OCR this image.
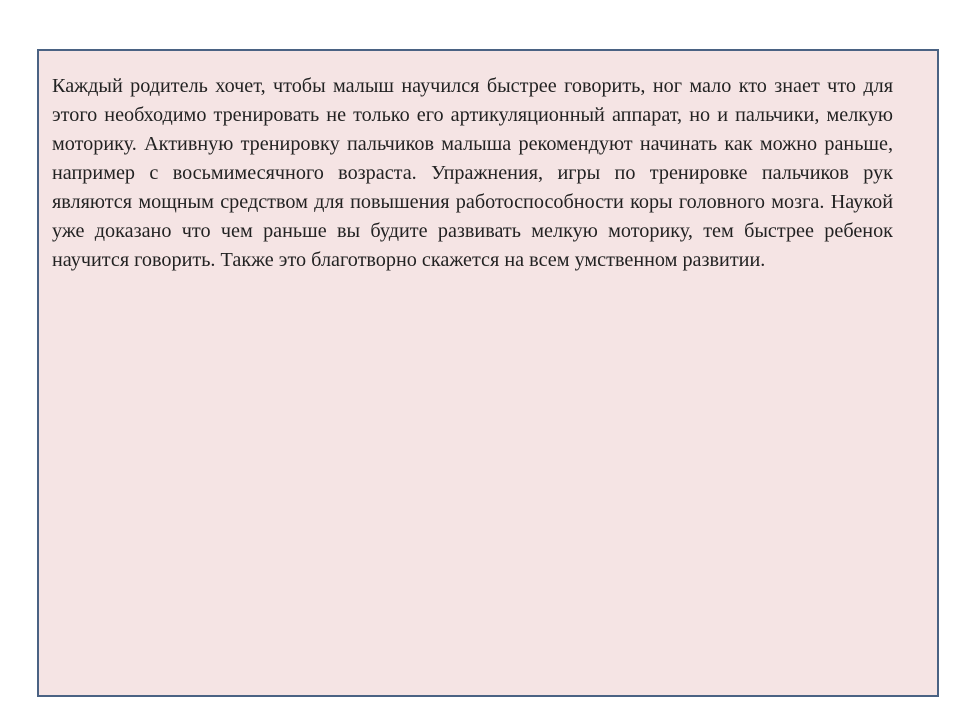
Каждый родитель хочет, чтобы малыш научился быстрее говорить, ног мало кто знает что для этого необходимо тренировать не только его артикуляционный аппарат, но и пальчики, мелкую моторику. Активную тренировку пальчиков малыша рекомендуют начинать как можно раньше, например с восьмимесячного возраста. Упражнения, игры по тренировке пальчиков рук являются мощным средством для повышения работоспособности коры головного мозга. Наукой уже доказано что чем раньше вы будите развивать мелкую моторику, тем быстрее ребенок научится говорить. Также это благотворно скажется на всем умственном развитии.
